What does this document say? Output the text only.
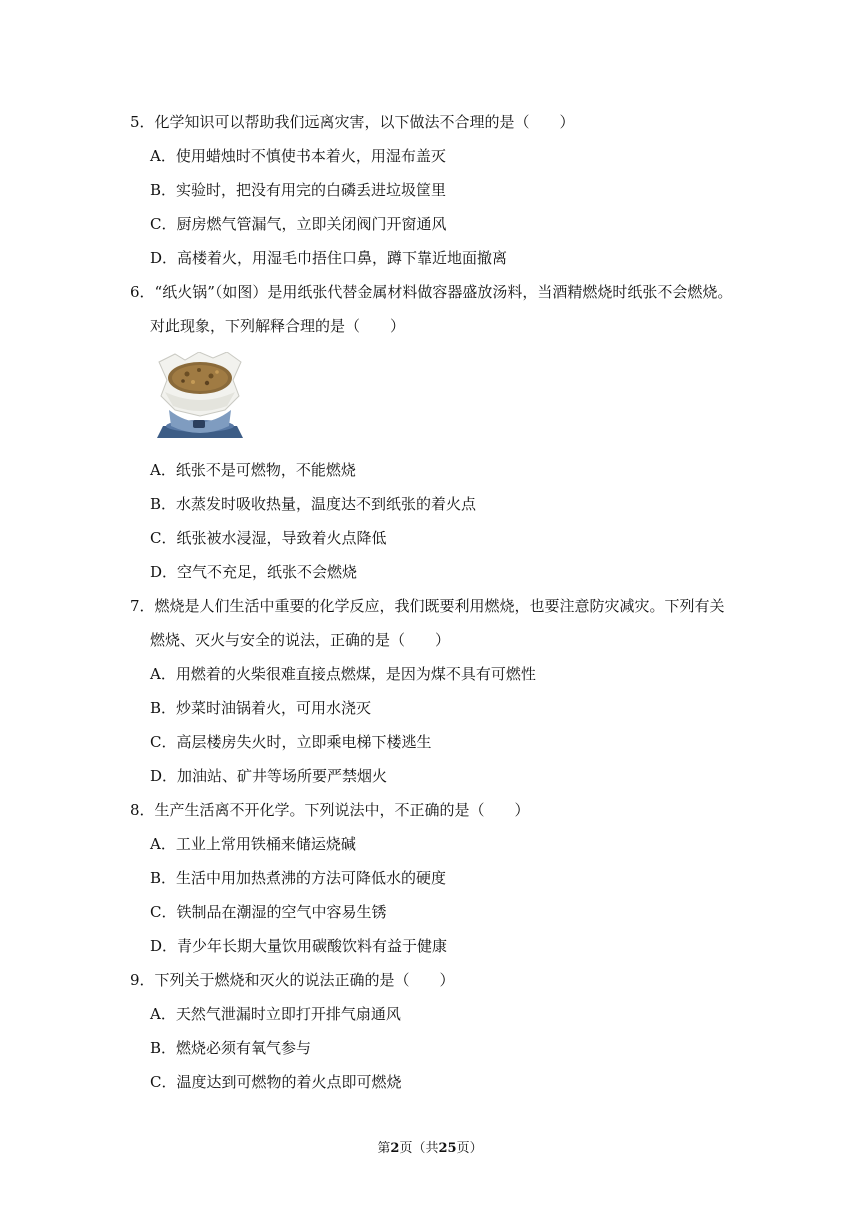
5．化学知识可以帮助我们远离灾害，以下做法不合理的是（　　）
A．使用蜡烛时不慎使书本着火，用湿布盖灭
B．实验时，把没有用完的白磷丢进垃圾筐里
C．厨房燃气管漏气，立即关闭阀门开窗通风
D．高楼着火，用湿毛巾捂住口鼻，蹲下靠近地面撤离
6．“纸火锅”（如图）是用纸张代替金属材料做容器盛放汤料，当酒精燃烧时纸张不会燃烧。
对此现象，下列解释合理的是（　　）
A．纸张不是可燃物，不能燃烧
B．水蒸发时吸收热量，温度达不到纸张的着火点
C．纸张被水浸湿，导致着火点降低
D．空气不充足，纸张不会燃烧
7．燃烧是人们生活中重要的化学反应，我们既要利用燃烧，也要注意防灾减灾。下列有关
燃烧、灭火与安全的说法，正确的是（　　）
A．用燃着的火柴很难直接点燃煤，是因为煤不具有可燃性
B．炒菜时油锅着火，可用水浇灭
C．高层楼房失火时，立即乘电梯下楼逃生
D．加油站、矿井等场所要严禁烟火
8．生产生活离不开化学。下列说法中，不正确的是（　　）
A．工业上常用铁桶来储运烧碱
B．生活中用加热煮沸的方法可降低水的硬度
C．铁制品在潮湿的空气中容易生锈
D．青少年长期大量饮用碳酸饮料有益于健康
9．下列关于燃烧和灭火的说法正确的是（　　）
A．天然气泄漏时立即打开排气扇通风
B．燃烧必须有氧气参与
C．温度达到可燃物的着火点即可燃烧
第2页（共25页）
